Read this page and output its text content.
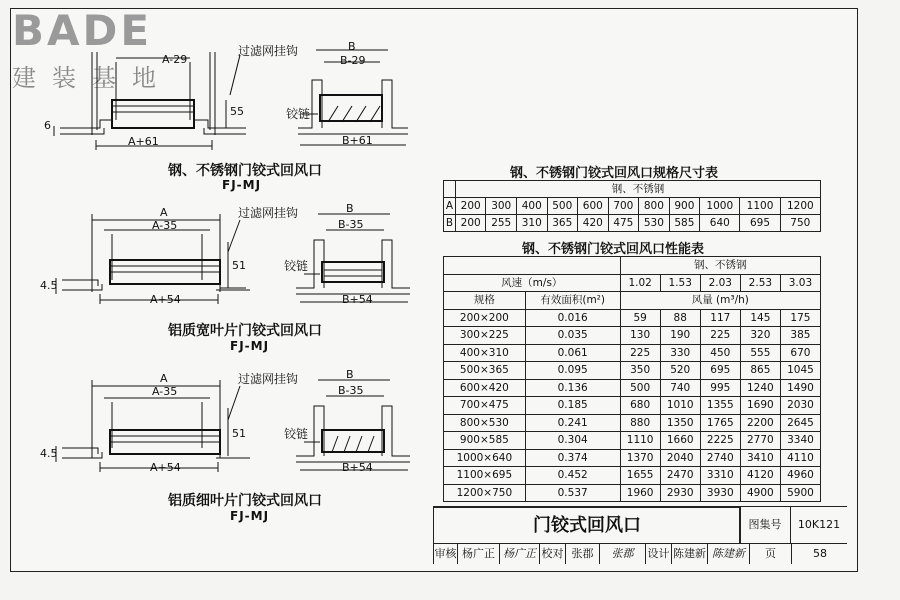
BADE
建装基地
A-29
A+61
6
55
过滤网挂钩	B
B-29
B+61
铰链
钢、不锈钢门铰式回风口
FJ-MJ
A
A-35
A+54
4.5
51
过滤网挂钩	B
B-35
B+54
铰链
铝质宽叶片门铰式回风口
FJ-MJ
A
A-35
A+54
4.5
51
过滤网挂钩	B
B-35
B+54
铰链
铝质细叶片门铰式回风口
FJ-MJ
钢、不锈钢门铰式回风口规格尺寸表
	钢、不锈钢										
A	200	300	400	500	600	700	800	900	1000	1100	1200
B	200	255	310	365	420	475	530	585	640	695	750
钢、不锈钢门铰式回风口性能表
		钢、不锈钢				
风速（m/s）		1.02	1.53	2.03	2.53	3.03
规格	有效面积(m²)	风量 (m³/h)				
200×200	0.016	59	88	117	145	175
300×225	0.035	130	190	225	320	385
400×310	0.061	225	330	450	555	670
500×365	0.095	350	520	695	865	1045
600×420	0.136	500	740	995	1240	1490
700×475	0.185	680	1010	1355	1690	2030
800×530	0.241	880	1350	1765	2200	2645
900×585	0.304	1110	1660	2225	2770	3340
1000×640	0.374	1370	2040	2740	3410	4110
1100×695	0.452	1655	2470	3310	4120	4960
1200×750	0.537	1960	2930	3930	4900	5900
门铰式回风口	图集号	10K121
审核 杨广正 杨广正 校对 张郡	张郡	设计 陈建新 陈建新	页	58
